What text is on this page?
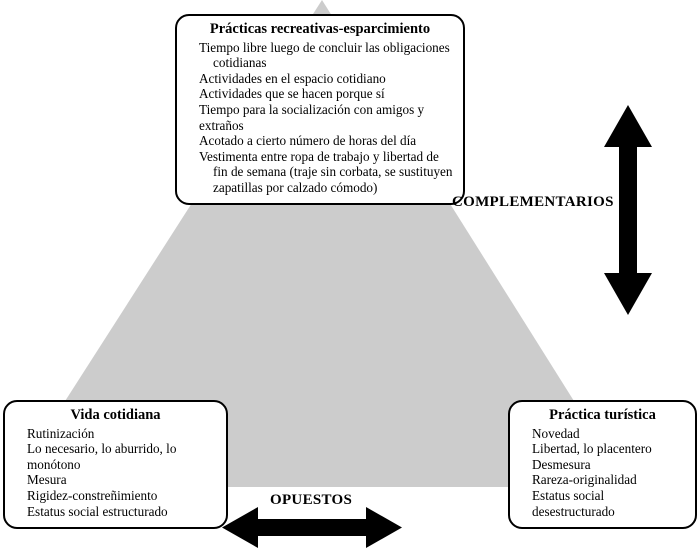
Prácticas recreativas-esparcimiento
Tiempo libre luego de concluir las obligaciones cotidianas
Actividades en el espacio cotidiano
Actividades que se hacen porque sí
Tiempo para la socialización con amigos y extraños
Acotado a cierto número de horas del día
Vestimenta entre ropa de trabajo y libertad de fin de semana (traje sin corbata, se sustituyen zapatillas por calzado cómodo)
Vida cotidiana
Rutinización
Lo necesario, lo aburrido, lo monótono
Mesura
Rigidez-constreñimiento
Estatus social estructurado
Práctica turística
Novedad
Libertad, lo placentero
Desmesura
Rareza-originalidad
Estatus social desestructurado
COMPLEMENTARIOS
OPUESTOS
